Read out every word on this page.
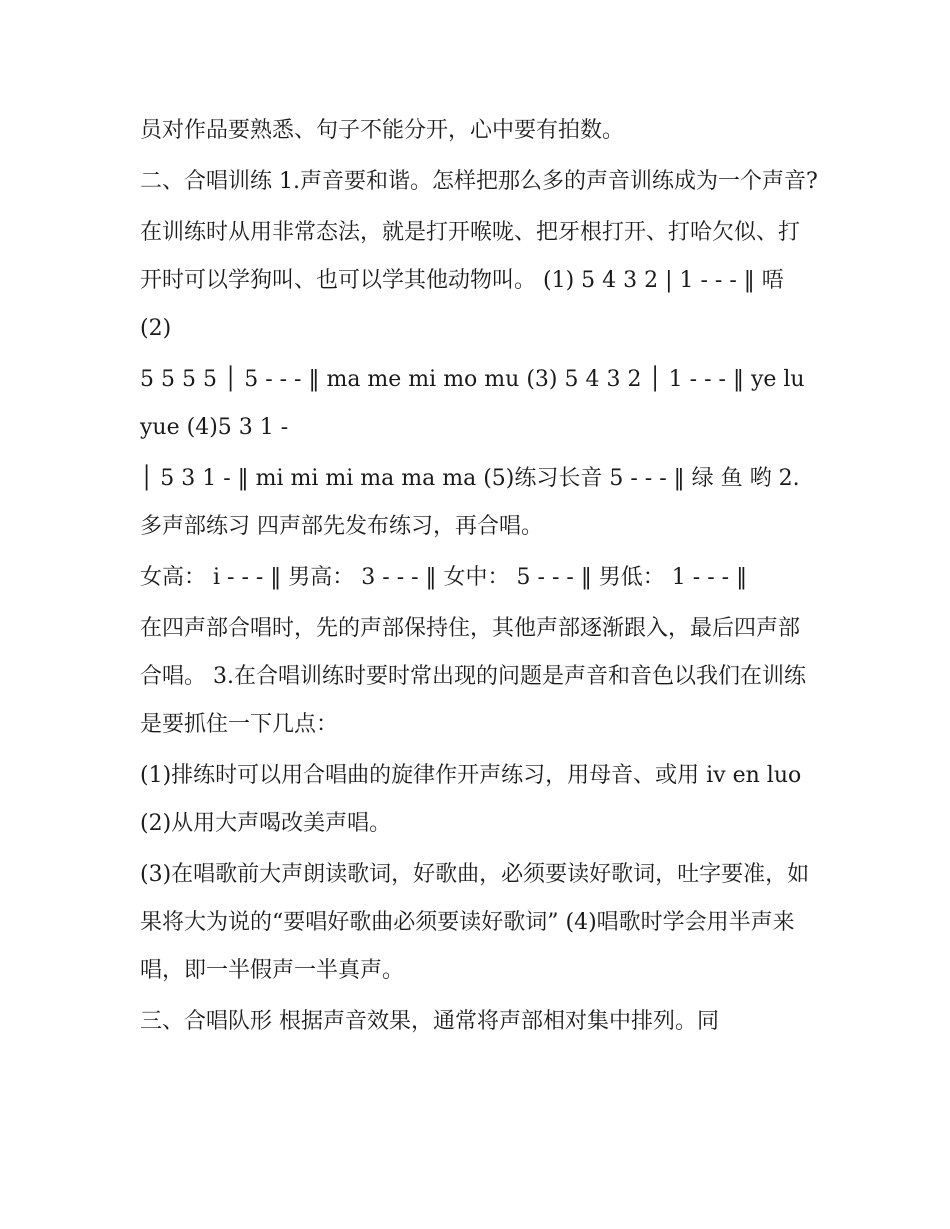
员对作品要熟悉、句子不能分开，心中要有拍数。

二、合唱训练 1.声音要和谐。怎样把那么多的声音训练成为一个声音?

在训练时从用非常态法，就是打开喉咙、把牙根打开、打哈欠似、打开时可以学狗叫、也可以学其他动物叫。 (1) 5 4 3 2 | 1 - - - ‖ 唔 (2)

5 5 5 5 │ 5 - - - ‖ ma me mi mo mu (3) 5 4 3 2 │ 1 - - - ‖ ye lu yue (4)5 3 1 -

│ 5 3 1 - ‖ mi mi mi ma ma ma (5)练习长音 5 - - - ‖ 绿 鱼 哟 2.多声部练习 四声部先发布练习，再合唱。

女高： i - - - ‖ 男高： 3 - - - ‖ 女中： 5 - - - ‖ 男低： 1 - - - ‖

在四声部合唱时，先的声部保持住，其他声部逐渐跟入，最后四声部合唱。 3.在合唱训练时要时常出现的问题是声音和音色以我们在训练是要抓住一下几点：

(1)排练时可以用合唱曲的旋律作开声练习，用母音、或用 iv en luo (2)从用大声喝改美声唱。

(3)在唱歌前大声朗读歌词，好歌曲，必须要读好歌词，吐字要准，如果将大为说的“要唱好歌曲必须要读好歌词” (4)唱歌时学会用半声来唱，即一半假声一半真声。

三、合唱队形 根据声音效果，通常将声部相对集中排列。同
